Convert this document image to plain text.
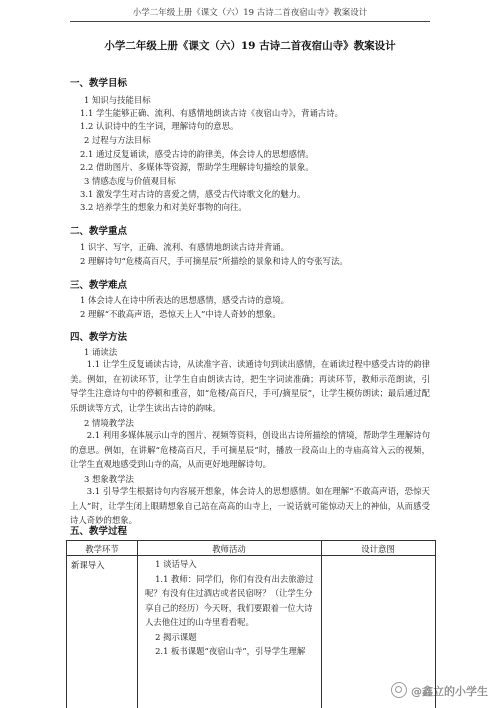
小学二年级上册《课文（六）19 古诗二首夜宿山寺》教案设计
小学二年级上册《课文（六）19 古诗二首夜宿山寺》教案设计
一、教学目标
1 知识与技能目标
1.1 学生能够正确、流利、有感情地朗读古诗《夜宿山寺》，背诵古诗。
1.2 认识诗中的生字词，理解诗句的意思。
2 过程与方法目标
2.1 通过反复诵读，感受古诗的韵律美，体会诗人的思想感情。
2.2 借助图片、多媒体等资源，帮助学生理解诗句描绘的景象。
3 情感态度与价值观目标
3.1 激发学生对古诗的喜爱之情，感受古代诗歌文化的魅力。
3.2 培养学生的想象力和对美好事物的向往。
二、教学重点
1 识字、写字，正确、流利、有感情地朗读古诗并背诵。
2 理解诗句“危楼高百尺，手可摘星辰”所描绘的景象和诗人的夸张写法。
三、教学难点
1 体会诗人在诗中所表达的思想感情，感受古诗的意境。
2 理解“不敢高声语，恐惊天上人”中诗人奇妙的想象。
四、教学方法
1 诵读法
1.1 让学生反复诵读古诗，从读准字音、读通诗句到读出感情，在诵读过程中感受古诗的韵律美。例如，在初读环节，让学生自由朗读古诗，把生字词读准确；再读环节，教师示范朗读，引导学生注意诗句中的停顿和重音，如“危楼/高百尺，手可/摘星辰”，让学生模仿朗读；最后通过配乐朗读等方式，让学生读出古诗的韵味。
2 情境教学法
2.1 利用多媒体展示山寺的图片、视频等资料，创设出古诗所描绘的情境，帮助学生理解诗句的意思。例如，在讲解“危楼高百尺，手可摘星辰”时，播放一段高山上的寺庙高耸入云的视频，让学生直观地感受到山寺的高，从而更好地理解诗句。
3 想象教学法
3.1 引导学生根据诗句内容展开想象，体会诗人的思想感情。如在理解“不敢高声语，恐惊天上人”时，让学生闭上眼睛想象自己站在高高的山寺上，一说话就可能惊动天上的神仙，从而感受诗人奇妙的想象。
五、教学过程
教学环节	教师活动	设计意图
新课导入	1 谈话导入
1.1 教师：同学们，你们有没有出去旅游过呢？有没有住过酒店或者民宿呀？（让学生分享自己的经历）今天呀，我们要跟着一位大诗人去他住过的山寺里看看呢。
2 揭示课题
2.1 板书课题“夜宿山寺”，引导学生理解
@鑫立的小学生
